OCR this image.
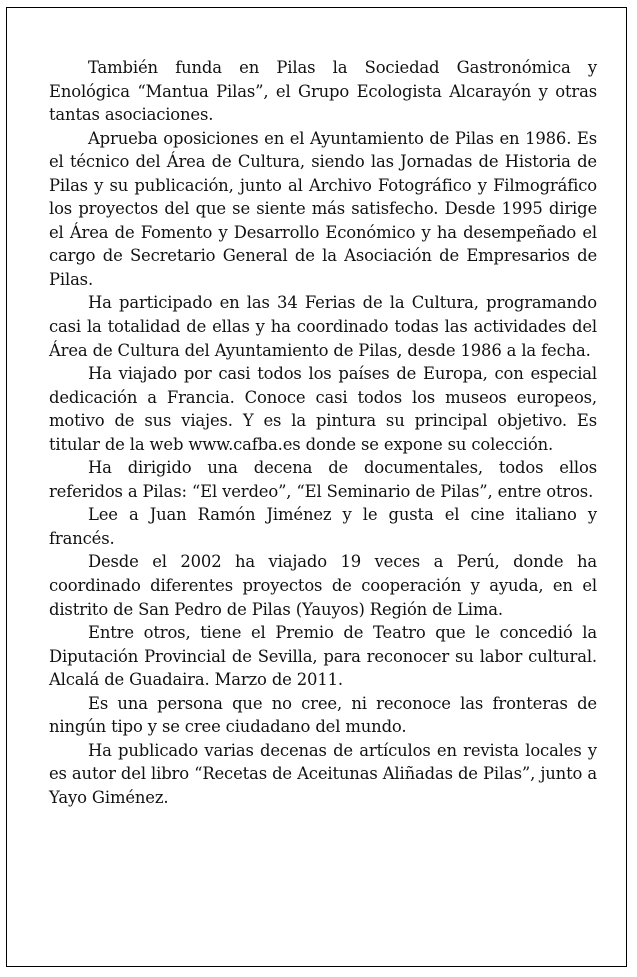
También funda en Pilas la Sociedad Gastronómica y Enológica “Mantua Pilas”, el Grupo Ecologista Alcarayón y otras tantas asociaciones.

Aprueba oposiciones en el Ayuntamiento de Pilas en 1986. Es el técnico del Área de Cultura, siendo las Jornadas de Historia de Pilas y su publicación, junto al Archivo Fotográfico y Filmográfico los proyectos del que se siente más satisfecho. Desde 1995 dirige el Área de Fomento y Desarrollo Económico y ha desempeñado el cargo de Secretario General de la Asociación de Empresarios de Pilas.

Ha participado en las 34 Ferias de la Cultura, programando casi la totalidad de ellas y ha coordinado todas las actividades del Área de Cultura del Ayuntamiento de Pilas, desde 1986 a la fecha.

Ha viajado por casi todos los países de Europa, con especial dedicación a Francia. Conoce casi todos los museos europeos, motivo de sus viajes. Y es la pintura su principal objetivo. Es titular de la web www.cafba.es donde se expone su colección.

Ha dirigido una decena de documentales, todos ellos referidos a Pilas: “El verdeo”, “El Seminario de Pilas”, entre otros.

Lee a Juan Ramón Jiménez y le gusta el cine italiano y francés.

Desde el 2002 ha viajado 19 veces a Perú, donde ha coordinado diferentes proyectos de cooperación y ayuda, en el distrito de San Pedro de Pilas (Yauyos) Región de Lima.

Entre otros, tiene el Premio de Teatro que le concedió la Diputación Provincial de Sevilla, para reconocer su labor cultural. Alcalá de Guadaira. Marzo de 2011.

Es una persona que no cree, ni reconoce las fronteras de ningún tipo y se cree ciudadano del mundo.

Ha publicado varias decenas de artículos en revista locales y es autor del libro “Recetas de Aceitunas Aliñadas de Pilas”, junto a Yayo Giménez.
